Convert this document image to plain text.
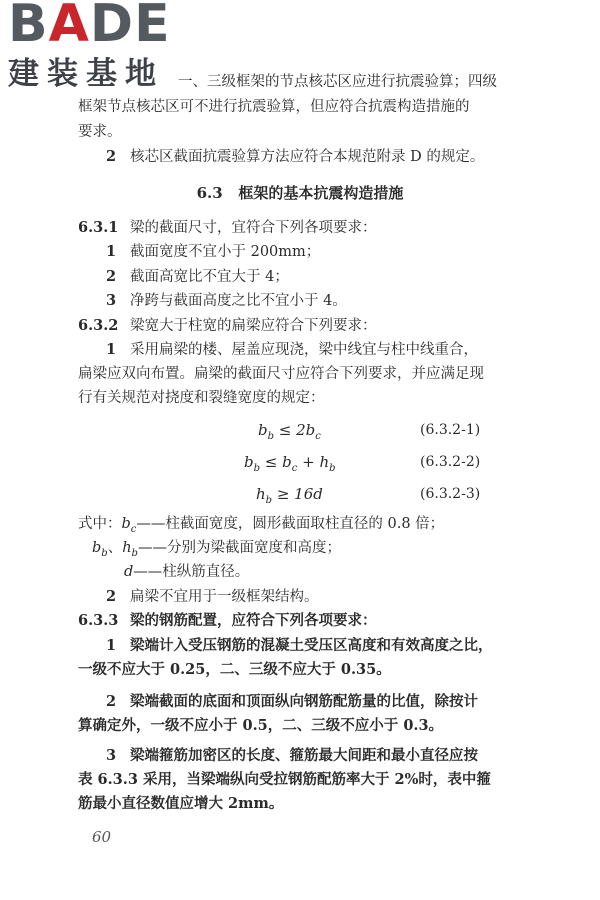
BADE
建装基地 一、三级框架的节点核芯区应进行抗震验算；四级
框架节点核芯区可不进行抗震验算，但应符合抗震构造措施的
要求。
2 核芯区截面抗震验算方法应符合本规范附录 D 的规定。
6.3 框架的基本抗震构造措施
6.3.1 梁的截面尺寸，宜符合下列各项要求：
1 截面宽度不宜小于 200mm；
2 截面高宽比不宜大于 4；
3 净跨与截面高度之比不宜小于 4。
6.3.2 梁宽大于柱宽的扁梁应符合下列要求：
1 采用扁梁的楼、屋盖应现浇，梁中线宜与柱中线重合，
扁梁应双向布置。扁梁的截面尺寸应符合下列要求，并应满足现
行有关规范对挠度和裂缝宽度的规定：
$b_b \le 2b_c$	(6.3.2-1)
$b_b \le b_c + h_b$	(6.3.2-2)
$h_b \ge 16d$	(6.3.2-3)
式中：$b_c——$柱截面宽度，圆形截面取柱直径的 0.8 倍；
$b_b$、$h_b——$分别为梁截面宽度和高度；
d——柱纵筋直径。
2 扁梁不宜用于一级框架结构。
6.3.3 梁的钢筋配置，应符合下列各项要求：
1 梁端计入受压钢筋的混凝土受压区高度和有效高度之比，
一级不应大于 0.25，二、三级不应大于 0.35。
2 梁端截面的底面和顶面纵向钢筋配筋量的比值，除按计
算确定外，一级不应小于 0.5，二、三级不应小于 0.3。
3 梁端箍筋加密区的长度、箍筋最大间距和最小直径应按
表 6.3.3 采用，当梁端纵向受拉钢筋配筋率大于 2%时，表中箍
筋最小直径数值应增大 2mm。
60
